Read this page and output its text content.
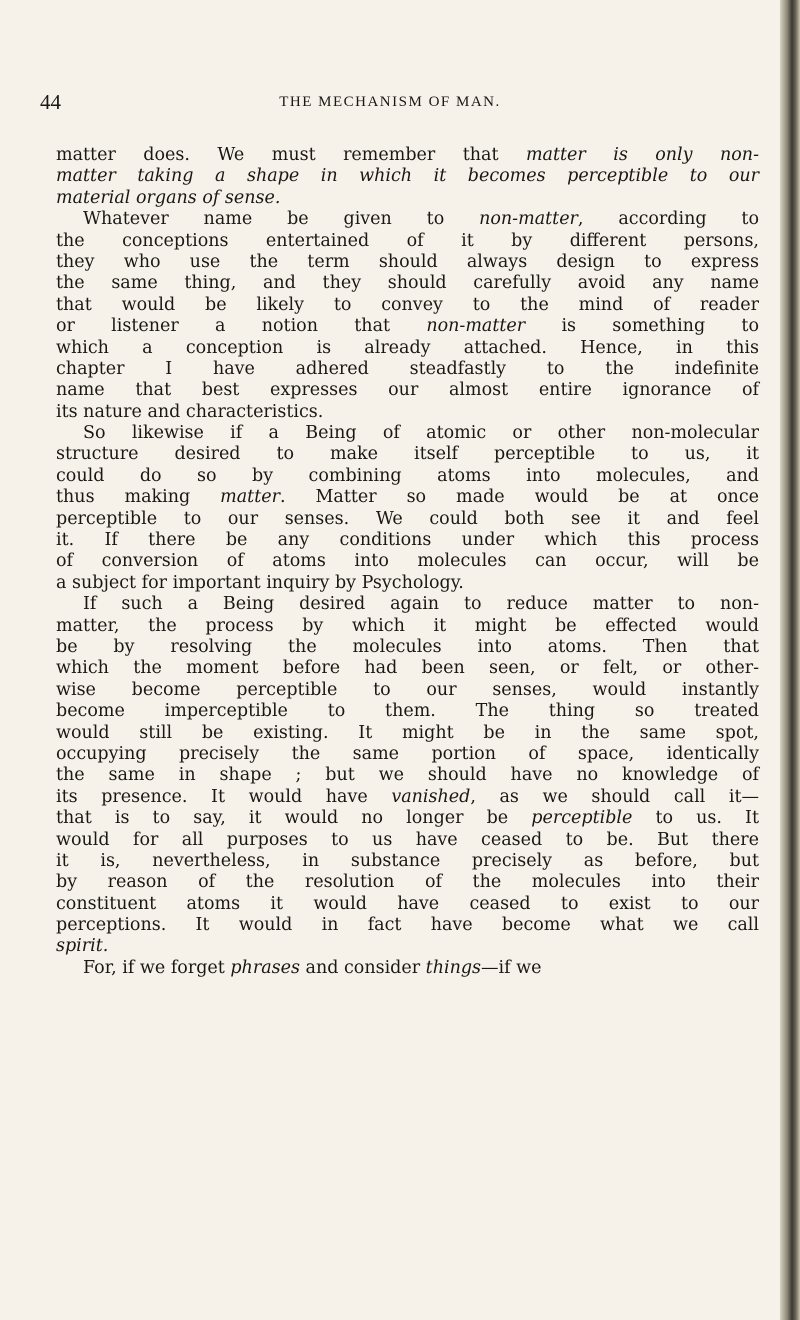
44	THE MECHANISM OF MAN.
matter does. We must remember that matter is only non-
matter taking a shape in which it becomes perceptible to our
material organs of sense.
Whatever name be given to non-matter, according to
the conceptions entertained of it by different persons,
they who use the term should always design to express
the same thing, and they should carefully avoid any name
that would be likely to convey to the mind of reader
or listener a notion that non-matter is something to
which a conception is already attached. Hence, in this
chapter I have adhered steadfastly to the indefinite
name that best expresses our almost entire ignorance of
its nature and characteristics.
So likewise if a Being of atomic or other non-molecular
structure desired to make itself perceptible to us, it
could do so by combining atoms into molecules, and
thus making matter. Matter so made would be at once
perceptible to our senses. We could both see it and feel
it. If there be any conditions under which this process
of conversion of atoms into molecules can occur, will be
a subject for important inquiry by Psychology.
If such a Being desired again to reduce matter to non-
matter, the process by which it might be effected would
be by resolving the molecules into atoms. Then that
which the moment before had been seen, or felt, or other-
wise become perceptible to our senses, would instantly
become imperceptible to them. The thing so treated
would still be existing. It might be in the same spot,
occupying precisely the same portion of space, identically
the same in shape ; but we should have no knowledge of
its presence. It would have vanished, as we should call it—
that is to say, it would no longer be perceptible to us. It
would for all purposes to us have ceased to be. But there
it is, nevertheless, in substance precisely as before, but
by reason of the resolution of the molecules into their
constituent atoms it would have ceased to exist to our
perceptions. It would in fact have become what we call
spirit.
For, if we forget phrases and consider things—if we
